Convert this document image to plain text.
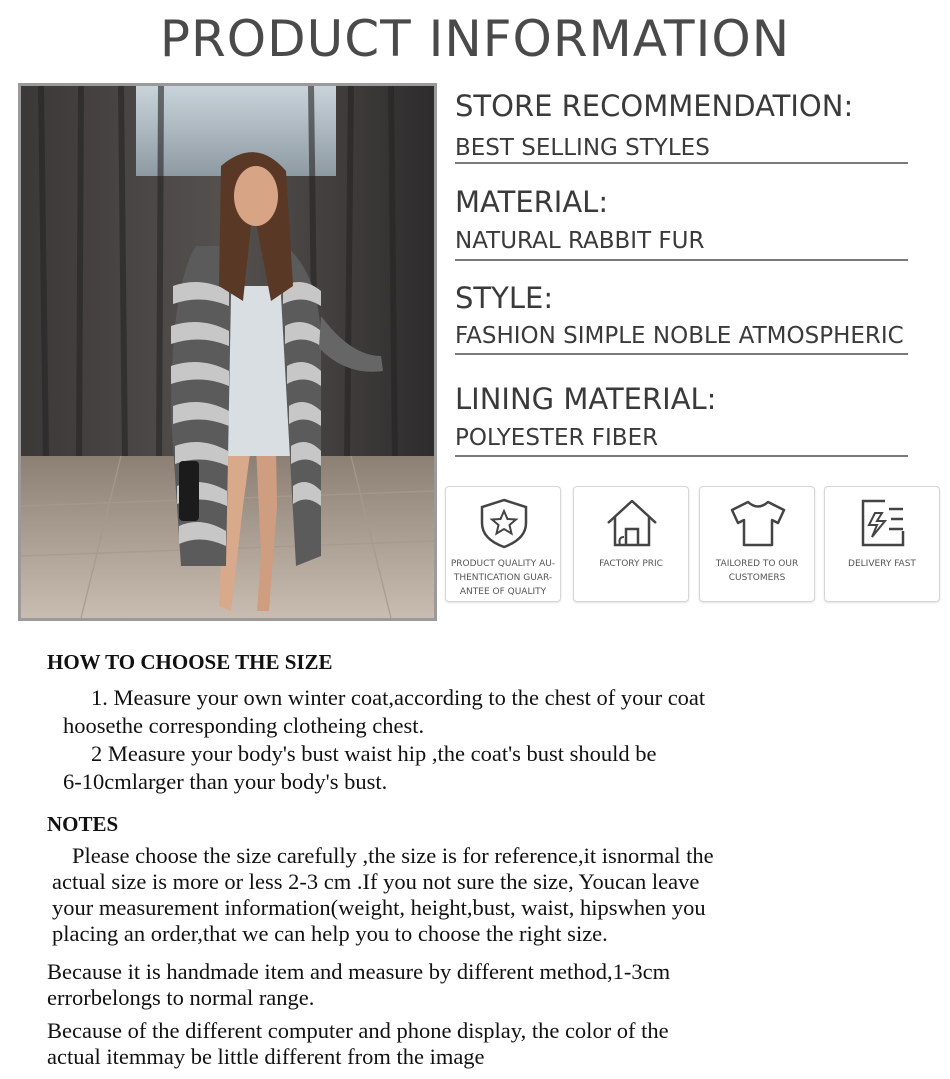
PRODUCT INFORMATION
STORE RECOMMENDATION:
BEST SELLING STYLES
MATERIAL:
NATURAL RABBIT FUR
STYLE:
FASHION SIMPLE NOBLE ATMOSPHERIC
LINING MATERIAL:
POLYESTER FIBER
PRODUCT QUALITY AU-
THENTICATION GUAR-
ANTEE OF QUALITY
FACTORY PRIC	TAILORED TO OUR
CUSTOMERS
DELIVERY FAST
HOW TO CHOOSE THE SIZE
1. Measure your own winter coat,according to the chest of your coat
hoosethe corresponding clotheing chest.
2 Measure your body's bust waist hip ,the coat's bust should be
6-10cmlarger than your body's bust.
NOTES
Please choose the size carefully ,the size is for reference,it isnormal the
actual size is more or less 2-3 cm .If you not sure the size, Youcan leave
your measurement information(weight, height,bust, waist, hipswhen you
placing an order,that we can help you to choose the right size.
Because it is handmade item and measure by different method,1-3cm
errorbelongs to normal range.
Because of the different computer and phone display, the color of the
actual itemmay be little different from the image
